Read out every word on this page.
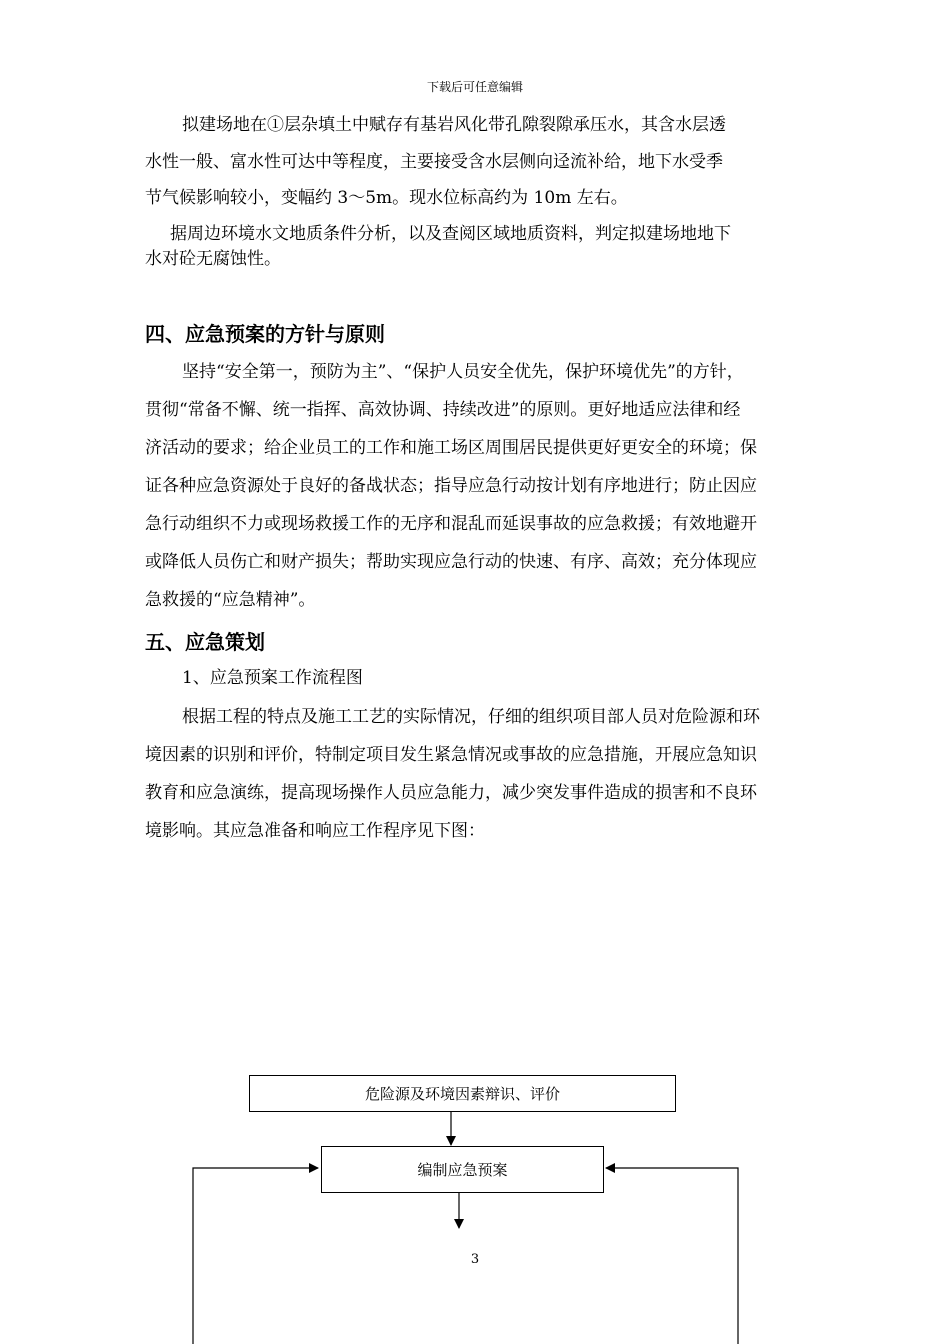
下载后可任意编辑
拟建场地在①层杂填土中赋存有基岩风化带孔隙裂隙承压水，其含水层透
水性一般、富水性可达中等程度，主要接受含水层侧向迳流补给，地下水受季
节气候影响较小，变幅约 3～5m。现水位标高约为 10m 左右。
据周边环境水文地质条件分析，以及查阅区域地质资料，判定拟建场地地下
水对砼无腐蚀性。
四、应急预案的方针与原则
坚持“安全第一，预防为主”、“保护人员安全优先，保护环境优先”的方针，
贯彻“常备不懈、统一指挥、高效协调、持续改进”的原则。更好地适应法律和经
济活动的要求；给企业员工的工作和施工场区周围居民提供更好更安全的环境；保
证各种应急资源处于良好的备战状态；指导应急行动按计划有序地进行；防止因应
急行动组织不力或现场救援工作的无序和混乱而延误事故的应急救援；有效地避开
或降低人员伤亡和财产损失；帮助实现应急行动的快速、有序、高效；充分体现应
急救援的“应急精神”。
五、应急策划
1、应急预案工作流程图
根据工程的特点及施工工艺的实际情况，仔细的组织项目部人员对危险源和环
境因素的识别和评价，特制定项目发生紧急情况或事故的应急措施，开展应急知识
教育和应急演练，提高现场操作人员应急能力，减少突发事件造成的损害和不良环
境影响。其应急准备和响应工作程序见下图：
危险源及环境因素辩识、评价
编制应急预案
3
